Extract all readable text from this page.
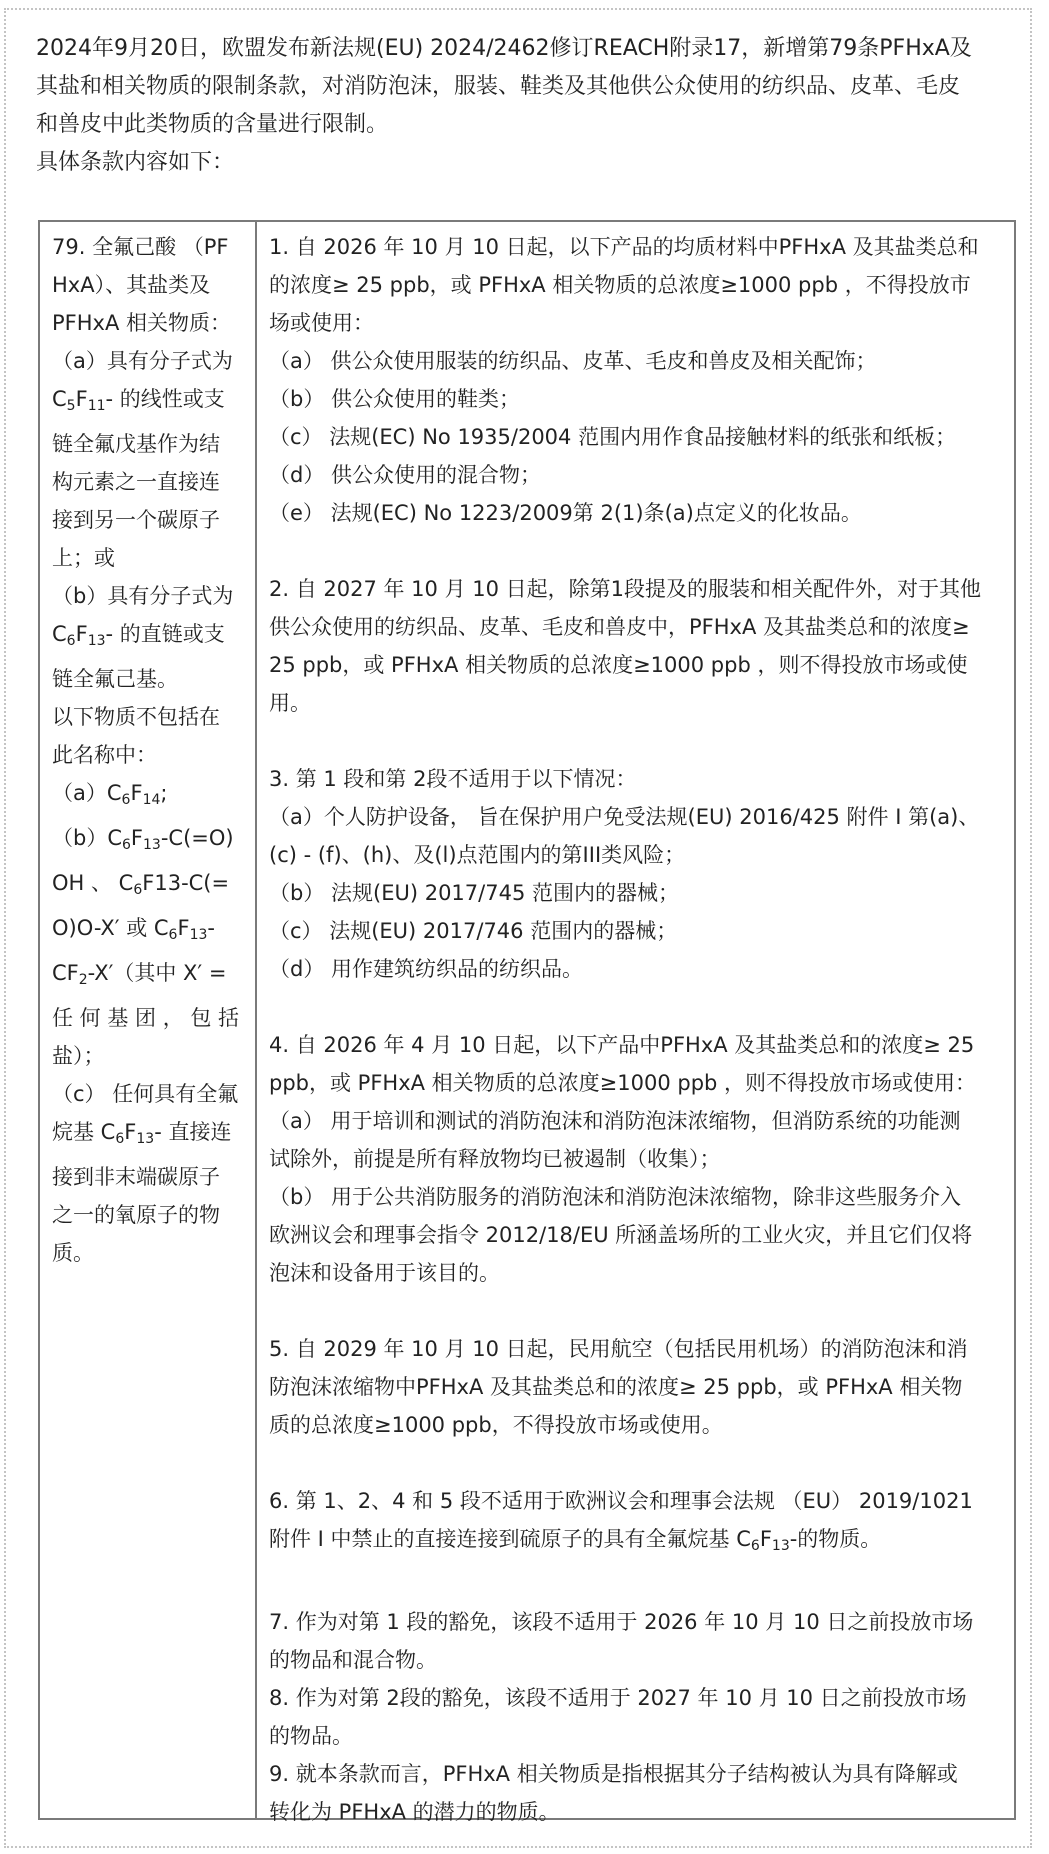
2024年9月20日，欧盟发布新法规(EU) 2024/2462修订REACH附录17，新增第79条PFHxA及
其盐和相关物质的限制条款，对消防泡沫，服装、鞋类及其他供公众使用的纺织品、皮革、毛皮
和兽皮中此类物质的含量进行限制。

具体条款内容如下：

79. 全氟己酸 （PF
HxA）、其盐类及
PFHxA 相关物质：
（a）具有分子式为
$C_5F_{11}-$ 的线性或支
链全氟戊基作为结
构元素之一直接连
接到另一个碳原子
上；或
（b）具有分子式为
$C_6F_{13}-$ 的直链或支
链全氟己基。
以下物质不包括在
此名称中：
$(a)C_6F_{14}$;
$(b)C_6F_{13}-C(=O)$
OH 、 $C_6F13-C(=$
O)O-X′ 或 $C_6F_{13}-$
$CF_2-X'$（其中 X′ =
任 何 基 团 ， 包 括
盐）；
（c） 任何具有全氟
烷基 $C_6F_{13}-$ 直接连
接到非末端碳原子
之一的氧原子的物
质。
1. 自 2026 年 10 月 10 日起，以下产品的均质材料中PFHxA 及其盐类总和
的浓度≥ 25 ppb，或 PFHxA 相关物质的总浓度≥1000 ppb ，不得投放市
场或使用：
（a） 供公众使用服装的纺织品、皮革、毛皮和兽皮及相关配饰；
（b） 供公众使用的鞋类；
（c） 法规(EC) No 1935/2004 范围内用作食品接触材料的纸张和纸板；
（d） 供公众使用的混合物；
（e） 法规(EC) No 1223/2009第 2(1)条(a)点定义的化妆品。
2. 自 2027 年 10 月 10 日起，除第1段提及的服装和相关配件外，对于其他
供公众使用的纺织品、皮革、毛皮和兽皮中，PFHxA 及其盐类总和的浓度≥
25 ppb，或 PFHxA 相关物质的总浓度≥1000 ppb ，则不得投放市场或使
用。
3. 第 1 段和第 2段不适用于以下情况：
（a）个人防护设备， 旨在保护用户免受法规(EU) 2016/425 附件 I 第(a)、
(c) - (f)、(h)、及(l)点范围内的第III类风险；
（b） 法规(EU) 2017/745 范围内的器械；
（c） 法规(EU) 2017/746 范围内的器械；
（d） 用作建筑纺织品的纺织品。
4. 自 2026 年 4 月 10 日起，以下产品中PFHxA 及其盐类总和的浓度≥ 25
ppb，或 PFHxA 相关物质的总浓度≥1000 ppb ，则不得投放市场或使用：
（a） 用于培训和测试的消防泡沫和消防泡沫浓缩物，但消防系统的功能测
试除外，前提是所有释放物均已被遏制（收集）；
（b） 用于公共消防服务的消防泡沫和消防泡沫浓缩物，除非这些服务介入
欧洲议会和理事会指令 2012/18/EU 所涵盖场所的工业火灾，并且它们仅将
泡沫和设备用于该目的。
5. 自 2029 年 10 月 10 日起，民用航空（包括民用机场）的消防泡沫和消
防泡沫浓缩物中PFHxA 及其盐类总和的浓度≥ 25 ppb，或 PFHxA 相关物
质的总浓度≥1000 ppb，不得投放市场或使用。
6. 第 1、2、4 和 5 段不适用于欧洲议会和理事会法规 （EU） 2019/1021
附件 I 中禁止的直接连接到硫原子的具有全氟烷基 $C_6F_{13}-$的物质。
7. 作为对第 1 段的豁免，该段不适用于 2026 年 10 月 10 日之前投放市场
的物品和混合物。
8. 作为对第 2段的豁免，该段不适用于 2027 年 10 月 10 日之前投放市场
的物品。
9. 就本条款而言，PFHxA 相关物质是指根据其分子结构被认为具有降解或
转化为 PFHxA 的潜力的物质。
